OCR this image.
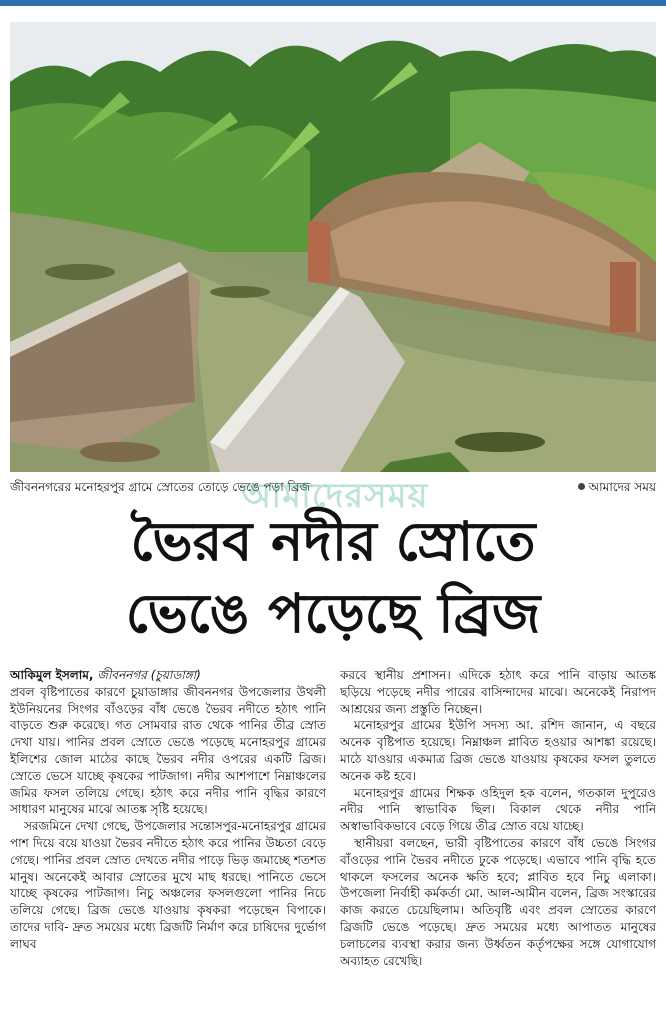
জীবননগরের মনোহরপুর গ্রামে স্রোতের তোড়ে ভেঙে পড়া ব্রিজ	আমাদের সময়
আমাদেরসময়
ভৈরব নদীর স্রোতে
ভেঙে পড়েছে ব্রিজ

আকিমুল ইসলাম, জীবননগর (চুয়াডাঙ্গা)

প্রবল বৃষ্টিপাতের কারণে চুয়াডাঙ্গার জীবননগর উপজেলার উথলী ইউনিয়নের সিংগর বাঁওড়ের বাঁধ ভেঙে ভৈরব নদীতে হঠাৎ পানি বাড়তে শুরু করেছে। গত সোমবার রাত থেকে পানির তীব্র স্রোত দেখা যায়। পানির প্রবল স্রোতে ভেঙে পড়েছে মনোহরপুর গ্রামের ইলিশের জোল মাঠের কাছে ভৈরব নদীর ওপরের একটি ব্রিজ। স্রোতে ভেসে যাচ্ছে কৃষকের পাটজাগ। নদীর আশপাশে নিম্নাঞ্চলের জমির ফসল তলিয়ে গেছে। হঠাৎ করে নদীর পানি বৃদ্ধির কারণে সাধারণ মানুষের মাঝে আতঙ্ক সৃষ্টি হয়েছে।

সরজমিনে দেখা গেছে, উপজেলার সন্তোসপুর-মনোহরপুর গ্রামের পাশ দিয়ে বয়ে যাওয়া ভৈরব নদীতে হঠাৎ করে পানির উচ্চতা বেড়ে গেছে। পানির প্রবল স্রোত দেখতে নদীর পাড়ে ভিড় জমাচ্ছে শতশত মানুষ। অনেকেই আবার স্রোতের মুখে মাছ ধরছে। পানিতে ভেসে যাচ্ছে কৃষকের পাটজাগ। নিচু অঞ্চলের ফসলগুলো পানির নিচে তলিয়ে গেছে। ব্রিজ ভেঙে যাওয়ায় কৃষকরা পড়েছেন বিপাকে। তাদের দাবি- দ্রুত সময়ের মধ্যে ব্রিজটি নির্মাণ করে চাষিদের দুর্ভোগ লাঘব

করবে স্থানীয় প্রশাসন। এদিকে হঠাৎ করে পানি বাড়ায় আতঙ্ক ছড়িয়ে পড়েছে নদীর পারের বাসিন্দাদের মাঝে। অনেকেই নিরাপদ আশ্রয়ের জন্য প্রস্তুতি নিচ্ছেন।

মনোহরপুর গ্রামের ইউপি সদস্য আ. রশিদ জানান, এ বছরে অনেক বৃষ্টিপাত হয়েছে। নিম্নাঞ্চল প্লাবিত হওয়ার আশঙ্কা রয়েছে। মাঠে যাওয়ার একমাত্র ব্রিজ ভেঙে যাওয়ায় কৃষকের ফসল তুলতে অনেক কষ্ট হবে।

মনোহরপুর গ্রামের শিক্ষক ওহিদুল হক বলেন, গতকাল দুপুরেও নদীর পানি স্বাভাবিক ছিল। বিকাল থেকে নদীর পানি অস্বাভাবিকভাবে বেড়ে গিয়ে তীব্র স্রোত বয়ে যাচ্ছে।

স্থানীয়রা বলছেন, ভারী বৃষ্টিপাতের কারণে বাঁধ ভেঙে সিংগর বাঁওড়ের পানি ভৈরব নদীতে ঢুকে পড়েছে। এভাবে পানি বৃদ্ধি হতে থাকলে ফসলের অনেক ক্ষতি হবে; প্লাবিত হবে নিচু এলাকা। উপজেলা নির্বাহী কর্মকর্তা মো. আল-আমীন বলেন, ব্রিজ সংস্কারের কাজ করতে চেয়েছিলাম। অতিবৃষ্টি এবং প্রবল স্রোতের কারণে ব্রিজটি ভেঙে পড়েছে। দ্রুত সময়ের মধ্যে আপাতত মানুষের চলাচলের ব্যবস্থা করার জন্য উর্ধ্বতন কর্তৃপক্ষের সঙ্গে যোগাযোগ অব্যাহত রেখেছি।
